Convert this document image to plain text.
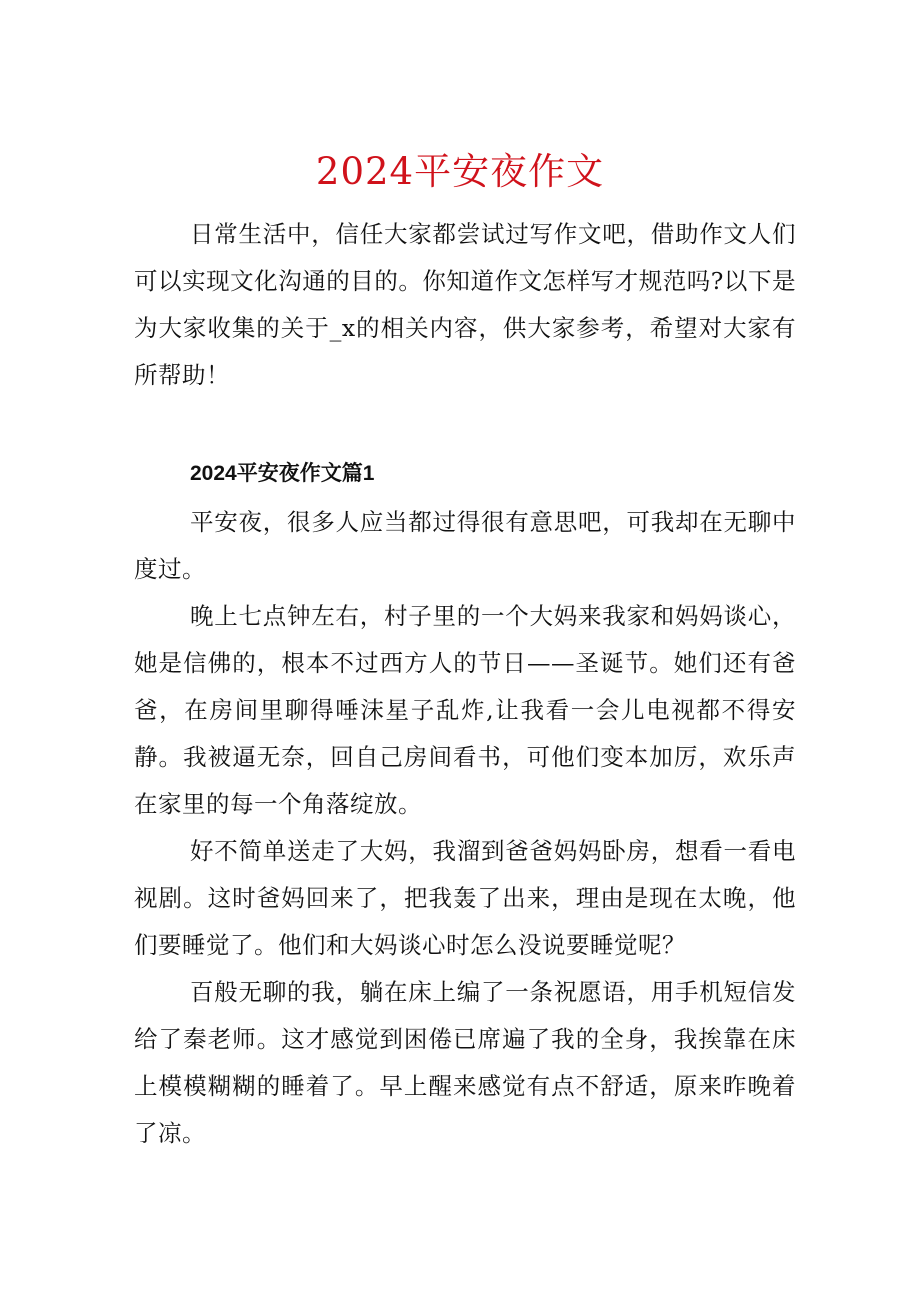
2024平安夜作文

日常生活中，信任大家都尝试过写作文吧，借助作文人们可以实现文化沟通的目的。你知道作文怎样写才规范吗?以下是为大家收集的关于_x的相关内容，供大家参考，希望对大家有所帮助！

2024平安夜作文篇1

平安夜，很多人应当都过得很有意思吧，可我却在无聊中度过。

晚上七点钟左右，村子里的一个大妈来我家和妈妈谈心，她是信佛的，根本不过西方人的节日——圣诞节。她们还有爸爸，在房间里聊得唾沫星子乱炸,让我看一会儿电视都不得安静。我被逼无奈，回自己房间看书，可他们变本加厉，欢乐声在家里的每一个角落绽放。

好不简单送走了大妈，我溜到爸爸妈妈卧房，想看一看电视剧。这时爸妈回来了，把我轰了出来，理由是现在太晚，他们要睡觉了。他们和大妈谈心时怎么没说要睡觉呢？

百般无聊的我，躺在床上编了一条祝愿语，用手机短信发给了秦老师。这才感觉到困倦已席遍了我的全身，我挨靠在床上模模糊糊的睡着了。早上醒来感觉有点不舒适，原来昨晚着了凉。
